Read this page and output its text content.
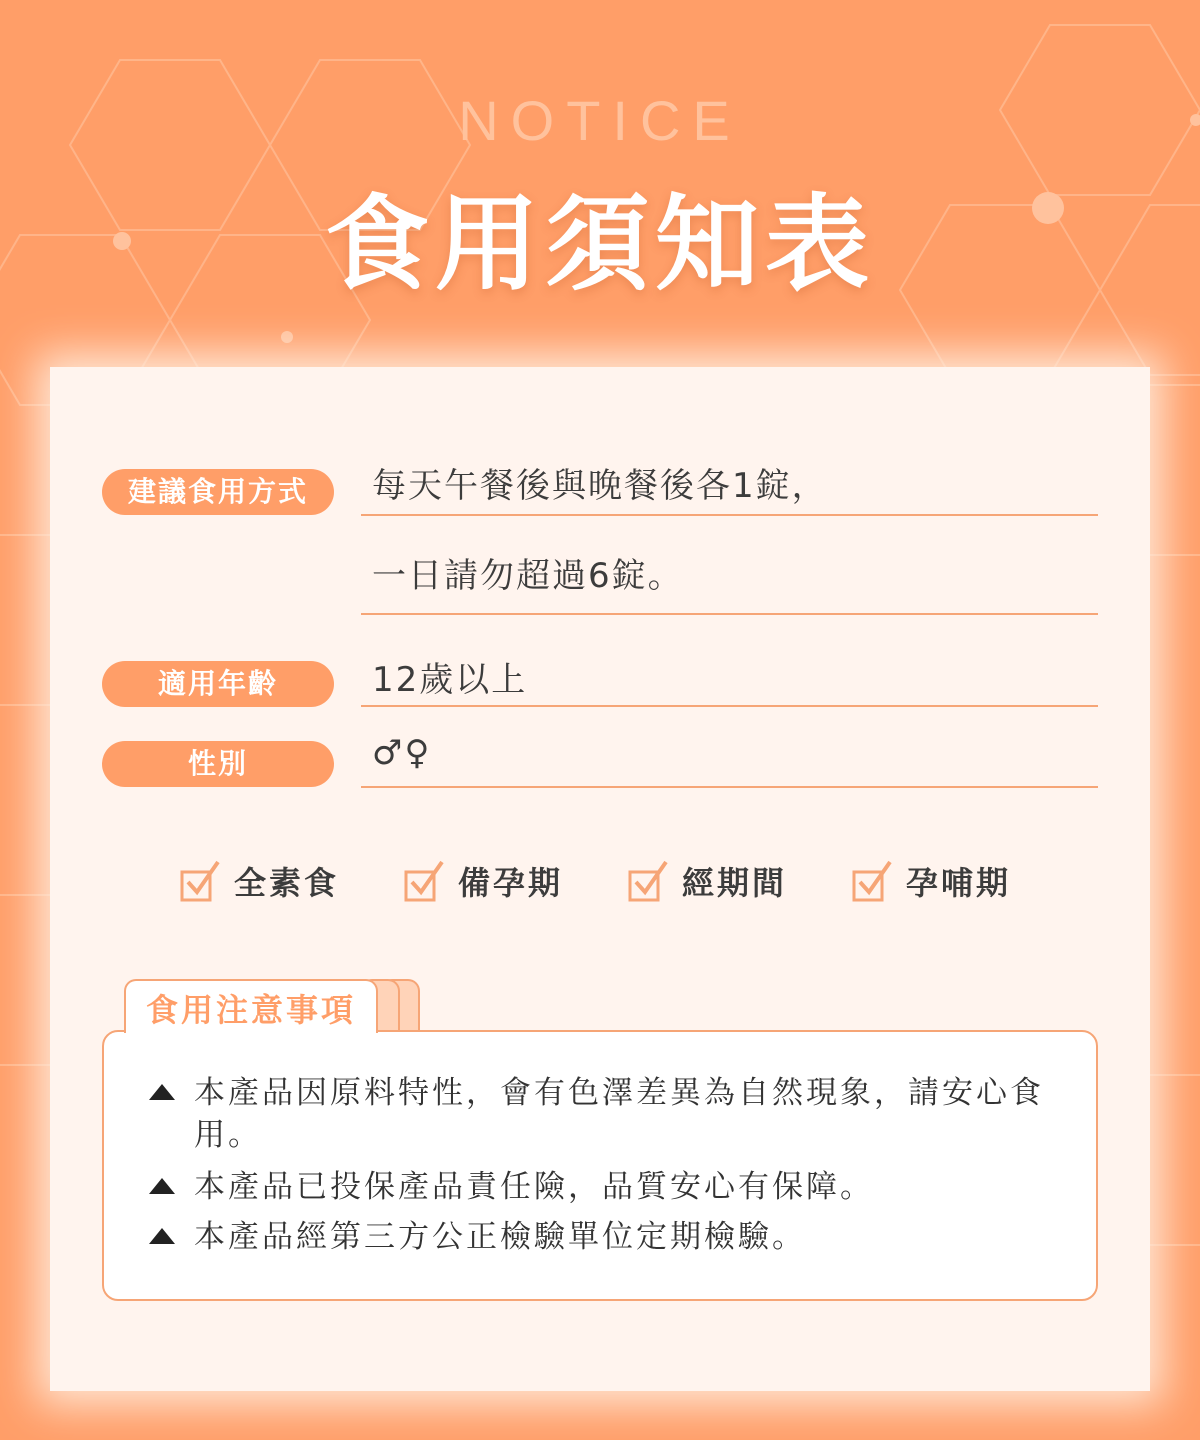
NOTICE
食用須知表
建議食用方式	每天午餐後與晚餐後各1錠，
一日請勿超過6錠。
適用年齡	12歲以上
性別	♂♀
全素食	備孕期	經期間	孕哺期
本產品因原料特性，會有色澤差異為自然現象，請安心食用。
本產品已投保產品責任險，品質安心有保障。
本產品經第三方公正檢驗單位定期檢驗。
食用注意事項
